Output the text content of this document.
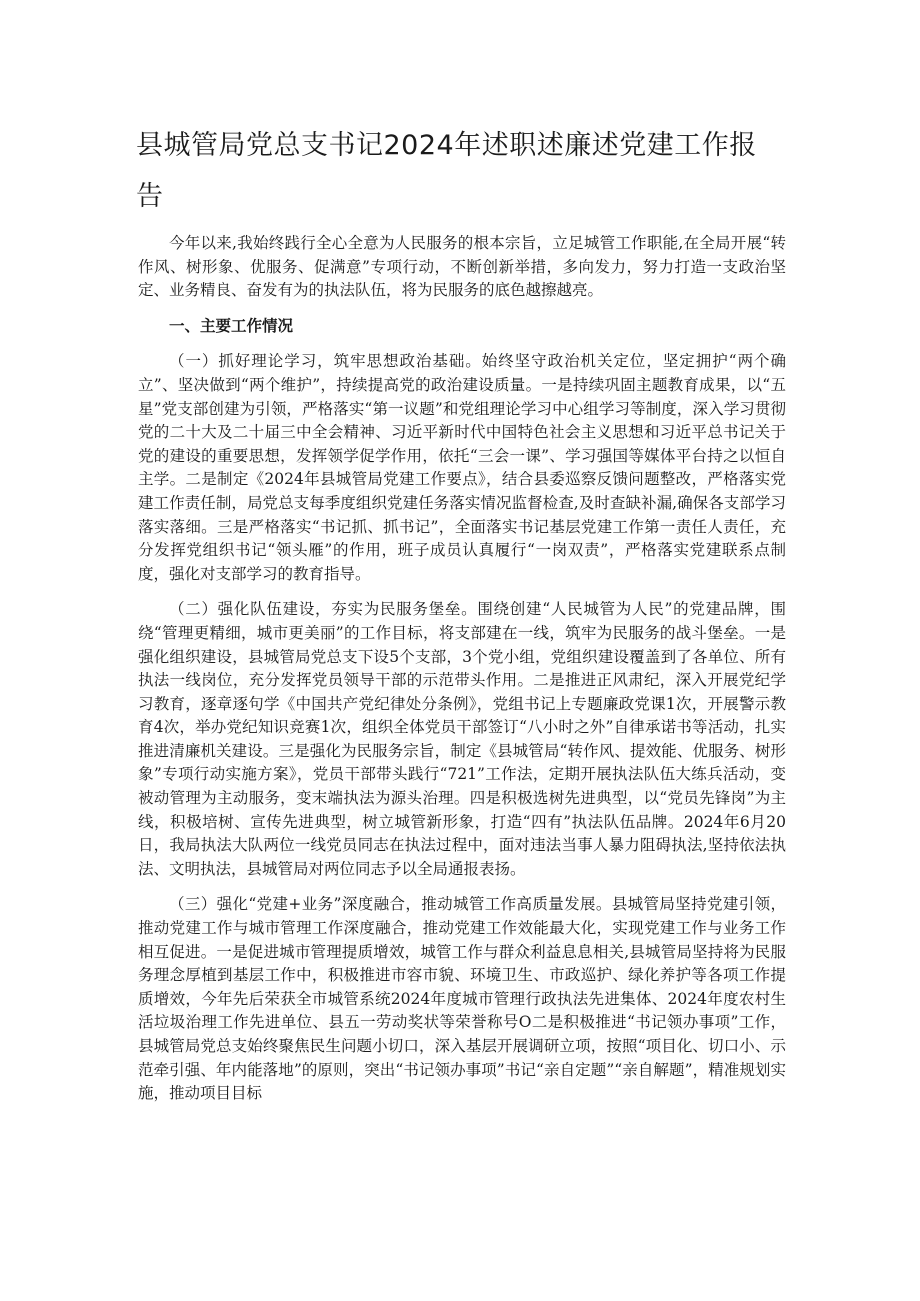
县城管局党总支书记2024年述职述廉述党建工作报告

今年以来,我始终践行全心全意为人民服务的根本宗旨，立足城管工作职能,在全局开展“转作风、树形象、优服务、促满意”专项行动，不断创新举措，多向发力，努力打造一支政治坚定、业务精良、奋发有为的执法队伍，将为民服务的底色越擦越亮。

一、主要工作情况

（一）抓好理论学习，筑牢思想政治基础。始终坚守政治机关定位，坚定拥护“两个确立”、坚决做到“两个维护”，持续提高党的政治建设质量。一是持续巩固主题教育成果，以“五星”党支部创建为引领，严格落实“第一议题”和党组理论学习中心组学习等制度，深入学习贯彻党的二十大及二十届三中全会精神、习近平新时代中国特色社会主义思想和习近平总书记关于党的建设的重要思想，发挥领学促学作用，依托“三会一课”、学习强国等媒体平台持之以恒自主学。二是制定《2024年县城管局党建工作要点》，结合县委巡察反馈问题整改，严格落实党建工作责任制，局党总支每季度组织党建任务落实情况监督检查,及时查缺补漏,确保各支部学习落实落细。三是严格落实“书记抓、抓书记”，全面落实书记基层党建工作第一责任人责任，充分发挥党组织书记“领头雁”的作用，班子成员认真履行“一岗双责”，严格落实党建联系点制度，强化对支部学习的教育指导。

（二）强化队伍建设，夯实为民服务堡垒。围绕创建“人民城管为人民”的党建品牌，围绕“管理更精细，城市更美丽”的工作目标，将支部建在一线，筑牢为民服务的战斗堡垒。一是强化组织建设，县城管局党总支下设5个支部，3个党小组，党组织建设覆盖到了各单位、所有执法一线岗位，充分发挥党员领导干部的示范带头作用。二是推进正风肃纪，深入开展党纪学习教育，逐章逐句学《中国共产党纪律处分条例》，党组书记上专题廉政党课1次，开展警示教育4次，举办党纪知识竞赛1次，组织全体党员干部签订“八小时之外”自律承诺书等活动，扎实推进清廉机关建设。三是强化为民服务宗旨，制定《县城管局“转作风、提效能、优服务、树形象”专项行动实施方案》，党员干部带头践行“721”工作法，定期开展执法队伍大练兵活动，变被动管理为主动服务，变末端执法为源头治理。四是积极选树先进典型，以“党员先锋岗”为主线，积极培树、宣传先进典型，树立城管新形象，打造“四有”执法队伍品牌。2024年6月20日，我局执法大队两位一线党员同志在执法过程中，面对违法当事人暴力阻碍执法,坚持依法执法、文明执法，县城管局对两位同志予以全局通报表扬。

（三）强化“党建+业务”深度融合，推动城管工作高质量发展。县城管局坚持党建引领，推动党建工作与城市管理工作深度融合，推动党建工作效能最大化，实现党建工作与业务工作相互促进。一是促进城市管理提质增效，城管工作与群众利益息息相关,县城管局坚持将为民服务理念厚植到基层工作中，积极推进市容市貌、环境卫生、市政巡护、绿化养护等各项工作提质增效，今年先后荣获全市城管系统2024年度城市管理行政执法先进集体、2024年度农村生活垃圾治理工作先进单位、县五一劳动奖状等荣誉称号O二是积极推进“书记领办事项”工作，县城管局党总支始终聚焦民生问题小切口，深入基层开展调研立项，按照“项目化、切口小、示范牵引强、年内能落地”的原则，突出“书记领办事项”书记“亲自定题”“亲自解题”，精准规划实施，推动项目目标
